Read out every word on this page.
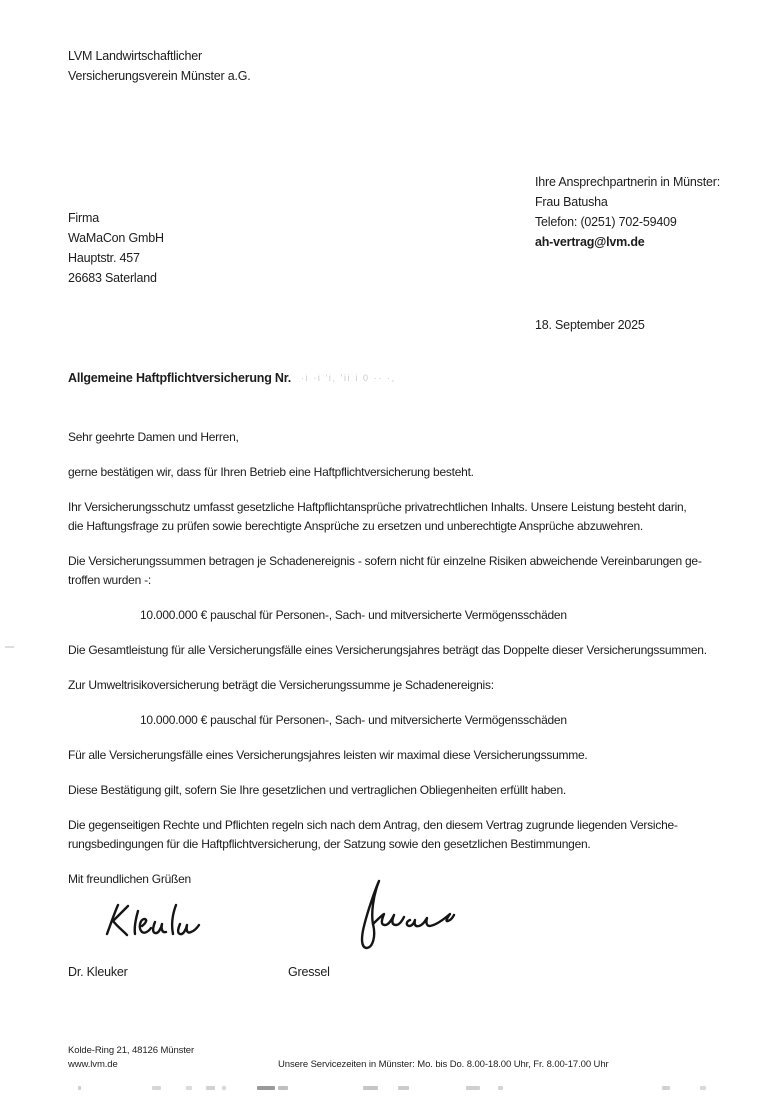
LVM Landwirtschaftlicher
Versicherungsverein Münster a.G.
Ihre Ansprechpartnerin in Münster:
Frau Batusha
Telefon: (0251) 702-59409
ah-vertrag@lvm.de
Firma
WaMaCon GmbH
Hauptstr. 457
26683 Saterland
18. September 2025
Allgemeine Haftpflichtversicherung Nr. ·i ·i 'i, 'ii i 0 ·· ·,
Sehr geehrte Damen und Herren,
gerne bestätigen wir, dass für Ihren Betrieb eine Haftpflichtversicherung besteht.
Ihr Versicherungsschutz umfasst gesetzliche Haftpflichtansprüche privatrechtlichen Inhalts. Unsere Leistung besteht darin,
die Haftungsfrage zu prüfen sowie berechtigte Ansprüche zu ersetzen und unberechtigte Ansprüche abzuwehren.
Die Versicherungssummen betragen je Schadenereignis - sofern nicht für einzelne Risiken abweichende Vereinbarungen ge-
troffen wurden -:
10.000.000 € pauschal für Personen-, Sach- und mitversicherte Vermögensschäden
Die Gesamtleistung für alle Versicherungsfälle eines Versicherungsjahres beträgt das Doppelte dieser Versicherungssummen.
Zur Umweltrisikoversicherung beträgt die Versicherungssumme je Schadenereignis:
10.000.000 € pauschal für Personen-, Sach- und mitversicherte Vermögensschäden
Für alle Versicherungsfälle eines Versicherungsjahres leisten wir maximal diese Versicherungssumme.
Diese Bestätigung gilt, sofern Sie Ihre gesetzlichen und vertraglichen Obliegenheiten erfüllt haben.
Die gegenseitigen Rechte und Pflichten regeln sich nach dem Antrag, den diesem Vertrag zugrunde liegenden Versiche-
rungsbedingungen für die Haftpflichtversicherung, der Satzung sowie den gesetzlichen Bestimmungen.
Mit freundlichen Grüßen
Dr. Kleuker	Gressel
Kolde-Ring 21, 48126 Münster
www.lvm.de	Unsere Servicezeiten in Münster: Mo. bis Do. 8.00-18.00 Uhr, Fr. 8.00-17.00 Uhr
